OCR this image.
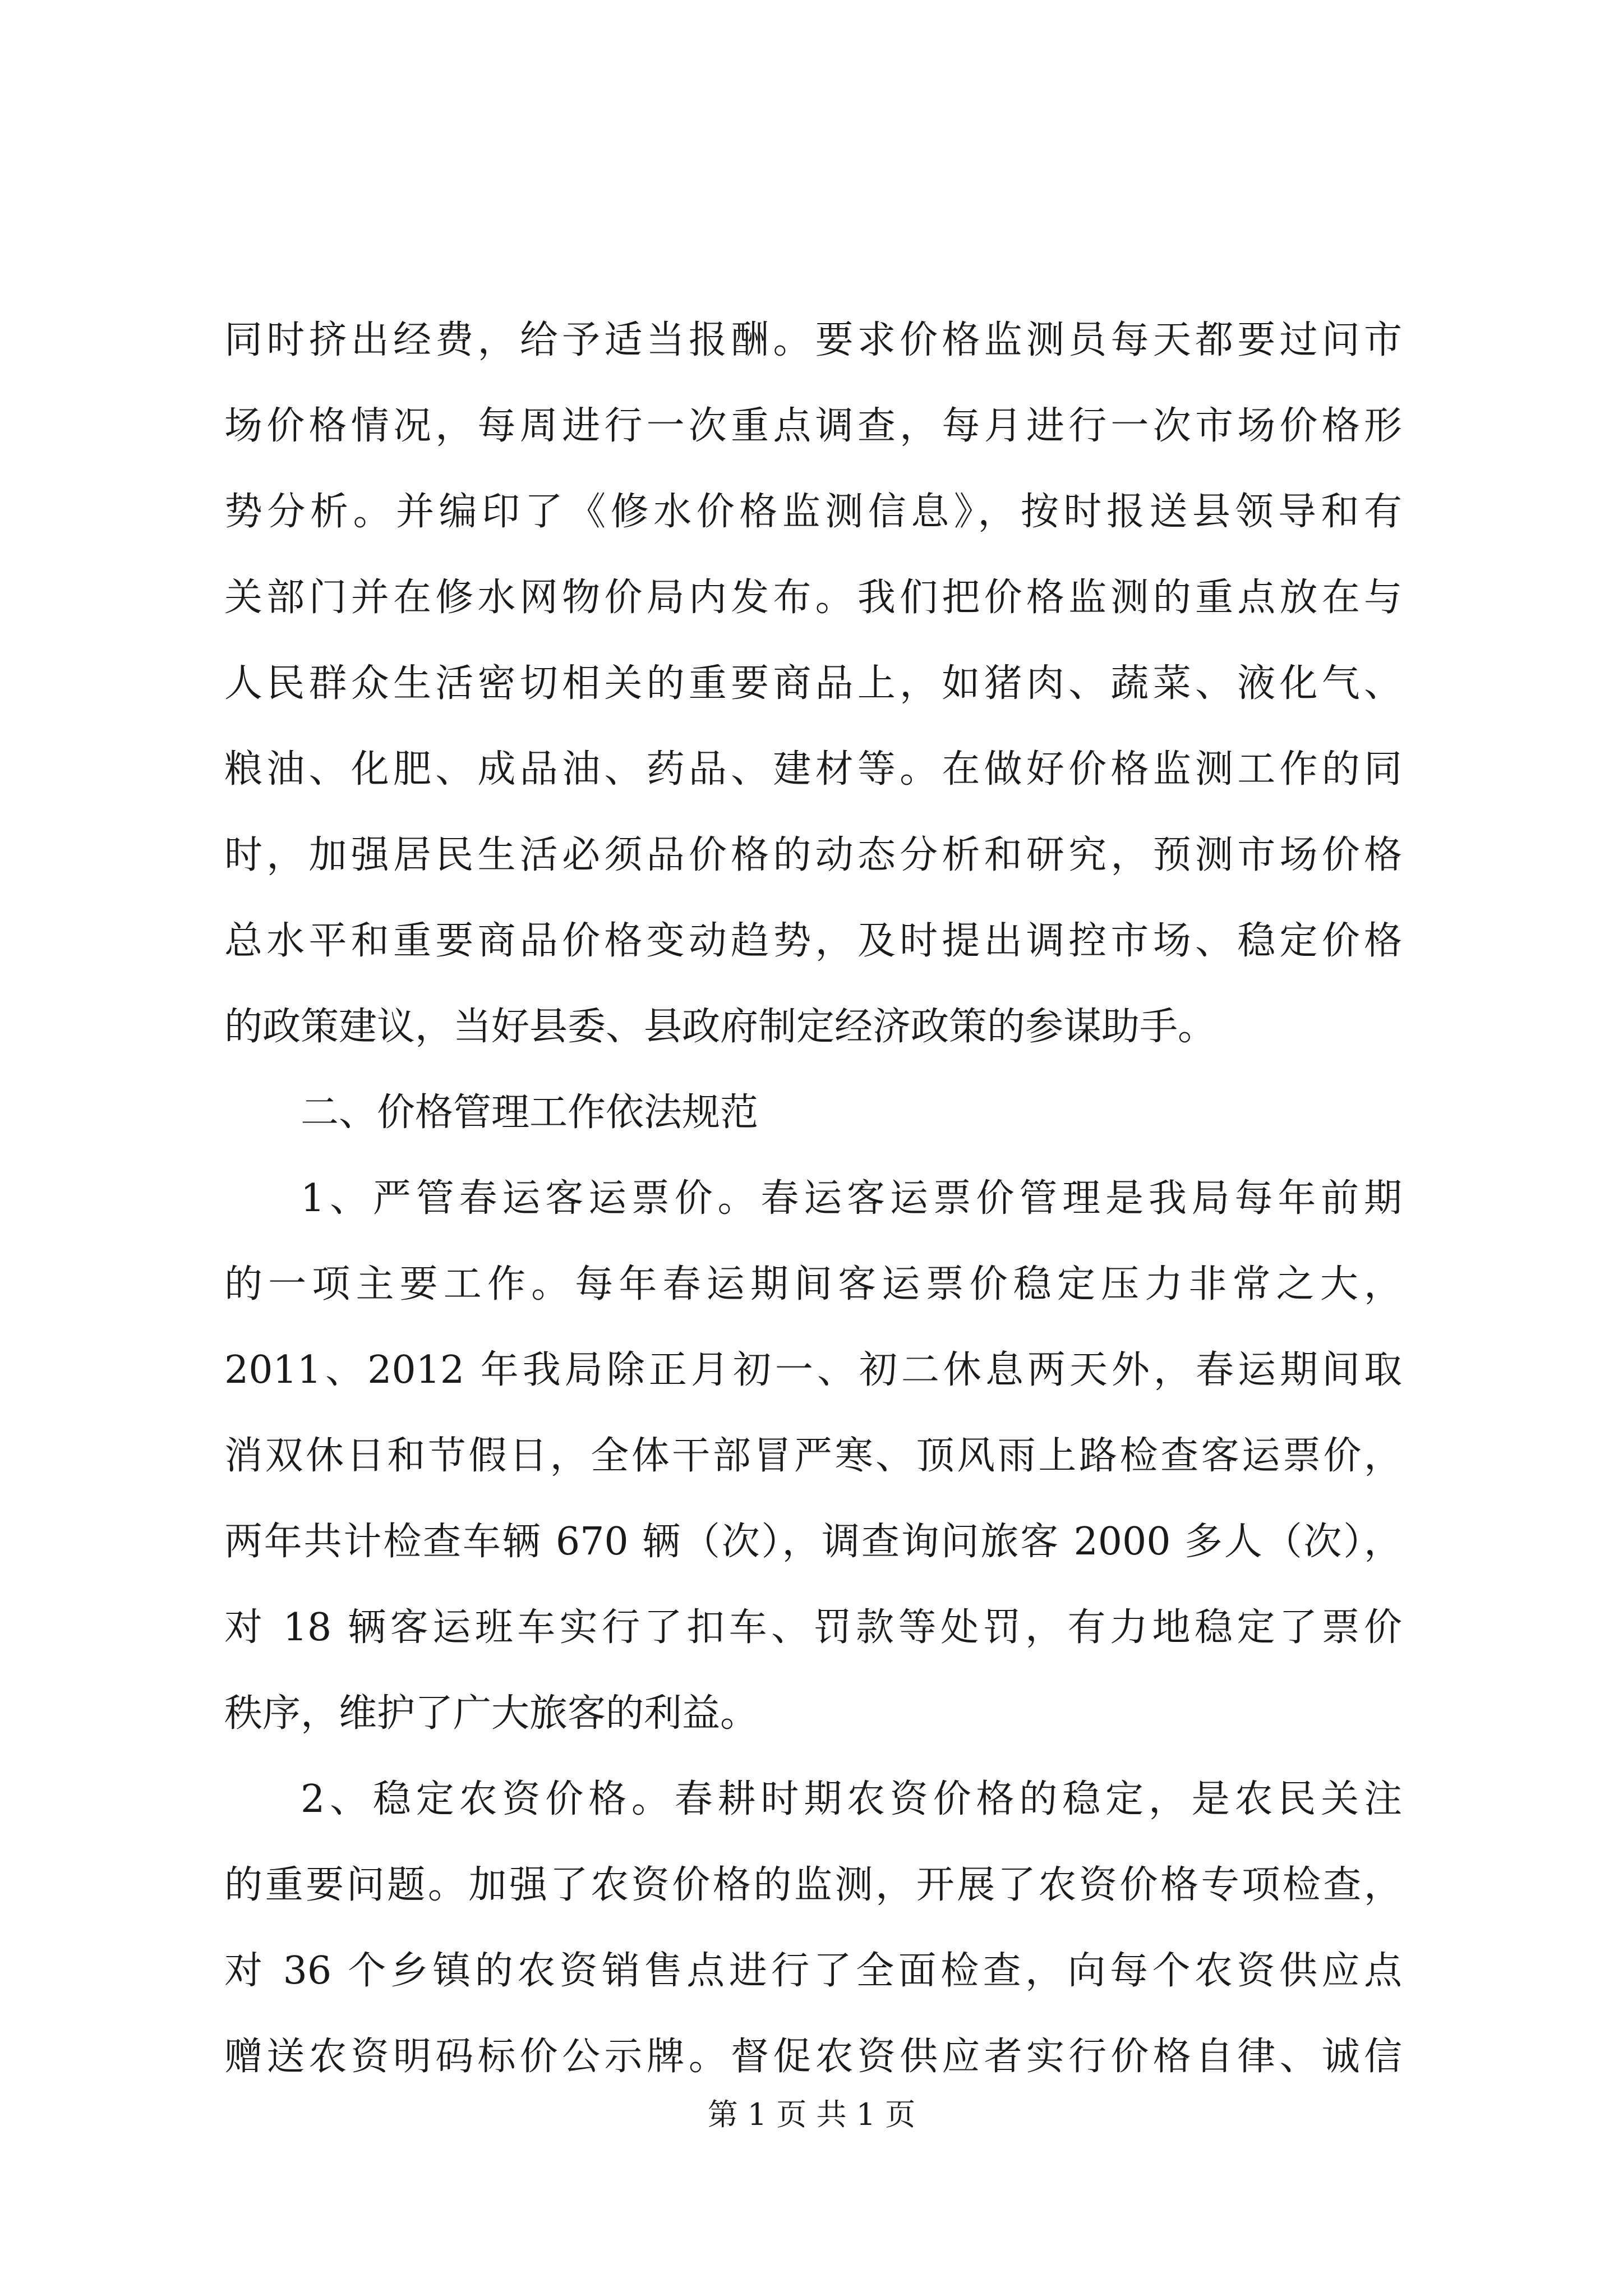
同时挤出经费，给予适当报酬。要求价格监测员每天都要过问市
场价格情况，每周进行一次重点调查，每月进行一次市场价格形
势分析。并编印了《修水价格监测信息》，按时报送县领导和有
关部门并在修水网物价局内发布。我们把价格监测的重点放在与
人民群众生活密切相关的重要商品上，如猪肉、蔬菜、液化气、
粮油、化肥、成品油、药品、建材等。在做好价格监测工作的同
时，加强居民生活必须品价格的动态分析和研究，预测市场价格
总水平和重要商品价格变动趋势，及时提出调控市场、稳定价格
的政策建议，当好县委、县政府制定经济政策的参谋助手。
二、价格管理工作依法规范
1、严管春运客运票价。春运客运票价管理是我局每年前期
的一项主要工作。每年春运期间客运票价稳定压力非常之大，
2011、2012 年我局除正月初一、初二休息两天外，春运期间取
消双休日和节假日，全体干部冒严寒、顶风雨上路检查客运票价，
两年共计检查车辆 670 辆（次），调查询问旅客 2000 多人（次），
对 18 辆客运班车实行了扣车、罚款等处罚，有力地稳定了票价
秩序，维护了广大旅客的利益。
2、稳定农资价格。春耕时期农资价格的稳定，是农民关注
的重要问题。加强了农资价格的监测，开展了农资价格专项检查，
对 36 个乡镇的农资销售点进行了全面检查，向每个农资供应点
赠送农资明码标价公示牌。督促农资供应者实行价格自律、诚信
第 1 页 共 1 页
